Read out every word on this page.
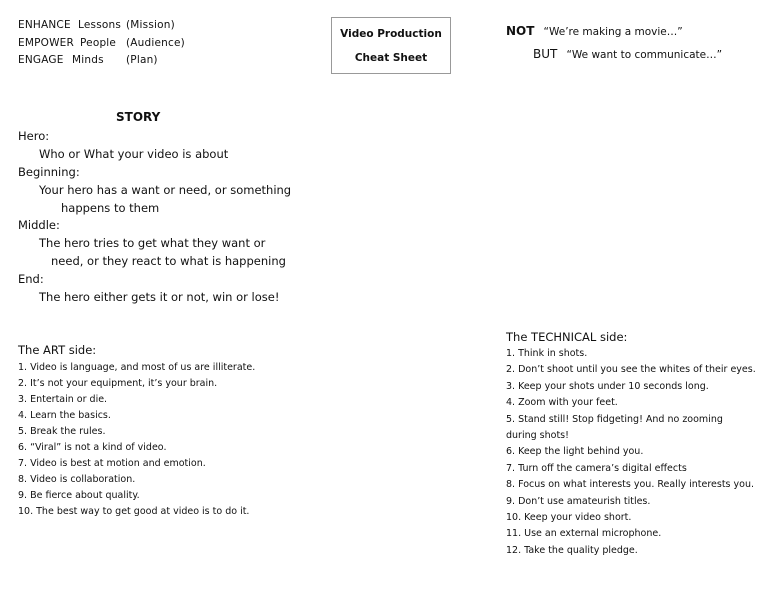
ENHANCE Lessons (Mission)
EMPOWER People (Audience)
ENGAGE Minds (Plan)
Video Production
Cheat Sheet
NOT “We’re making a movie…”
BUT “We want to communicate…”
STORY
Hero:
Who or What your video is about
Beginning:
Your hero has a want or need, or something
happens to them
Middle:
The hero tries to get what they want or
need, or they react to what is happening
End:
The hero either gets it or not, win or lose!
The ART side:
1. Video is language, and most of us are illiterate.
2. It’s not your equipment, it’s your brain.
3. Entertain or die.
4. Learn the basics.
5. Break the rules.
6. “Viral” is not a kind of video.
7. Video is best at motion and emotion.
8. Video is collaboration.
9. Be fierce about quality.
10. The best way to get good at video is to do it.
The TECHNICAL side:
1. Think in shots.
2. Don’t shoot until you see the whites of their eyes.
3. Keep your shots under 10 seconds long.
4. Zoom with your feet.
5. Stand still! Stop fidgeting! And no zooming
during shots!
6. Keep the light behind you.
7. Turn off the camera’s digital effects
8. Focus on what interests you. Really interests you.
9. Don’t use amateurish titles.
10. Keep your video short.
11. Use an external microphone.
12. Take the quality pledge.
